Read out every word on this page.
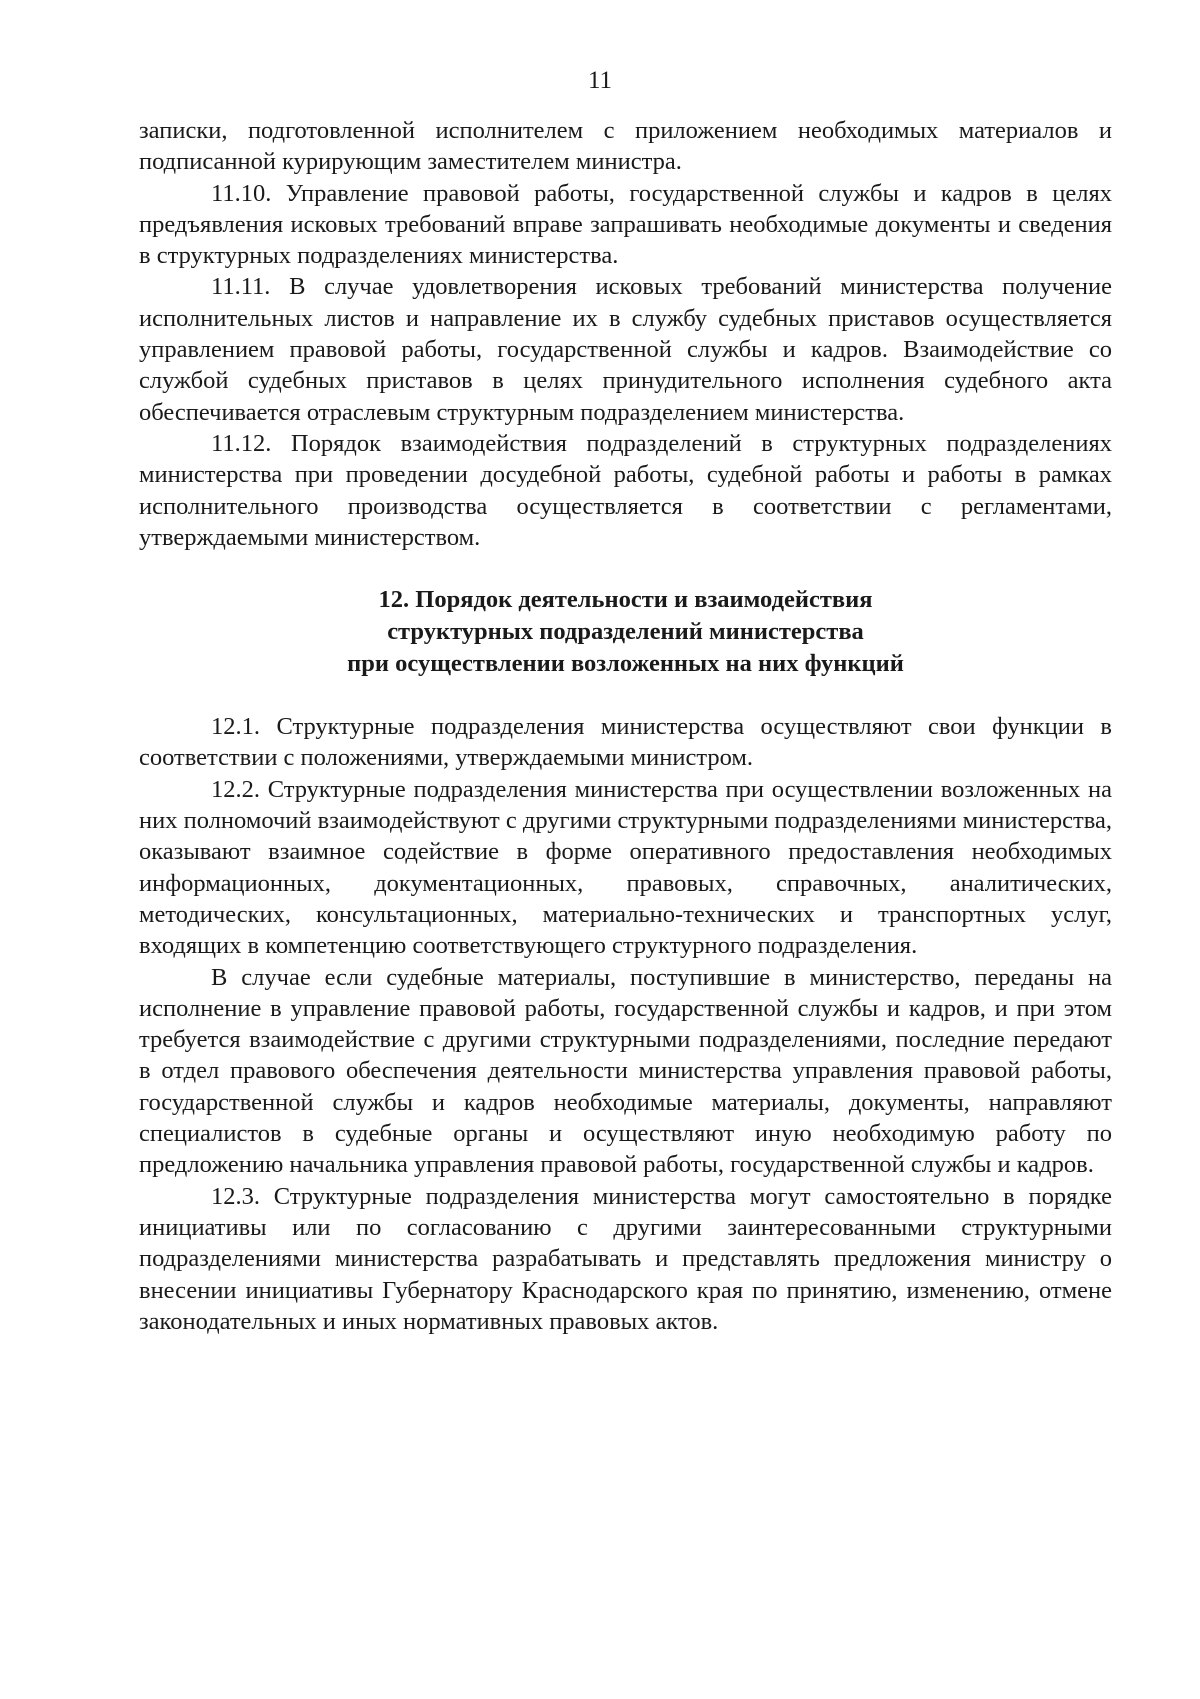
11

записки, подготовленной исполнителем с приложением необходимых материалов и подписанной курирующим заместителем министра.

11.10. Управление правовой работы, государственной службы и кадров в целях предъявления исковых требований вправе запрашивать необходимые документы и сведения в структурных подразделениях министерства.

11.11. В случае удовлетворения исковых требований министерства получение исполнительных листов и направление их в службу судебных приставов осуществляется управлением правовой работы, государственной службы и кадров. Взаимодействие со службой судебных приставов в целях принудительного исполнения судебного акта обеспечивается отраслевым структурным подразделением министерства.

11.12. Порядок взаимодействия подразделений в структурных подразделениях министерства при проведении досудебной работы, судебной работы и работы в рамках исполнительного производства осуществляется в соответствии с регламентами, утверждаемыми министерством.

12. Порядок деятельности и взаимодействия
структурных подразделений министерства
при осуществлении возложенных на них функций

12.1. Структурные подразделения министерства осуществляют свои функции в соответствии с положениями, утверждаемыми министром.

12.2. Структурные подразделения министерства при осуществлении возложенных на них полномочий взаимодействуют с другими структурными подразделениями министерства, оказывают взаимное содействие в форме оперативного предоставления необходимых информационных, документационных, правовых, справочных, аналитических, методических, консультационных, материально-технических и транспортных услуг, входящих в компетенцию соответствующего структурного подразделения.

В случае если судебные материалы, поступившие в министерство, переданы на исполнение в управление правовой работы, государственной службы и кадров, и при этом требуется взаимодействие с другими структурными подразделениями, последние передают в отдел правового обеспечения деятельности министерства управления правовой работы, государственной службы и кадров необходимые материалы, документы, направляют специалистов в судебные органы и осуществляют иную необходимую работу по предложению начальника управления правовой работы, государственной службы и кадров.

12.3. Структурные подразделения министерства могут самостоятельно в порядке инициативы или по согласованию с другими заинтересованными структурными подразделениями министерства разрабатывать и представлять предложения министру о внесении инициативы Губернатору Краснодарского края по принятию, изменению, отмене законодательных и иных нормативных правовых актов.
